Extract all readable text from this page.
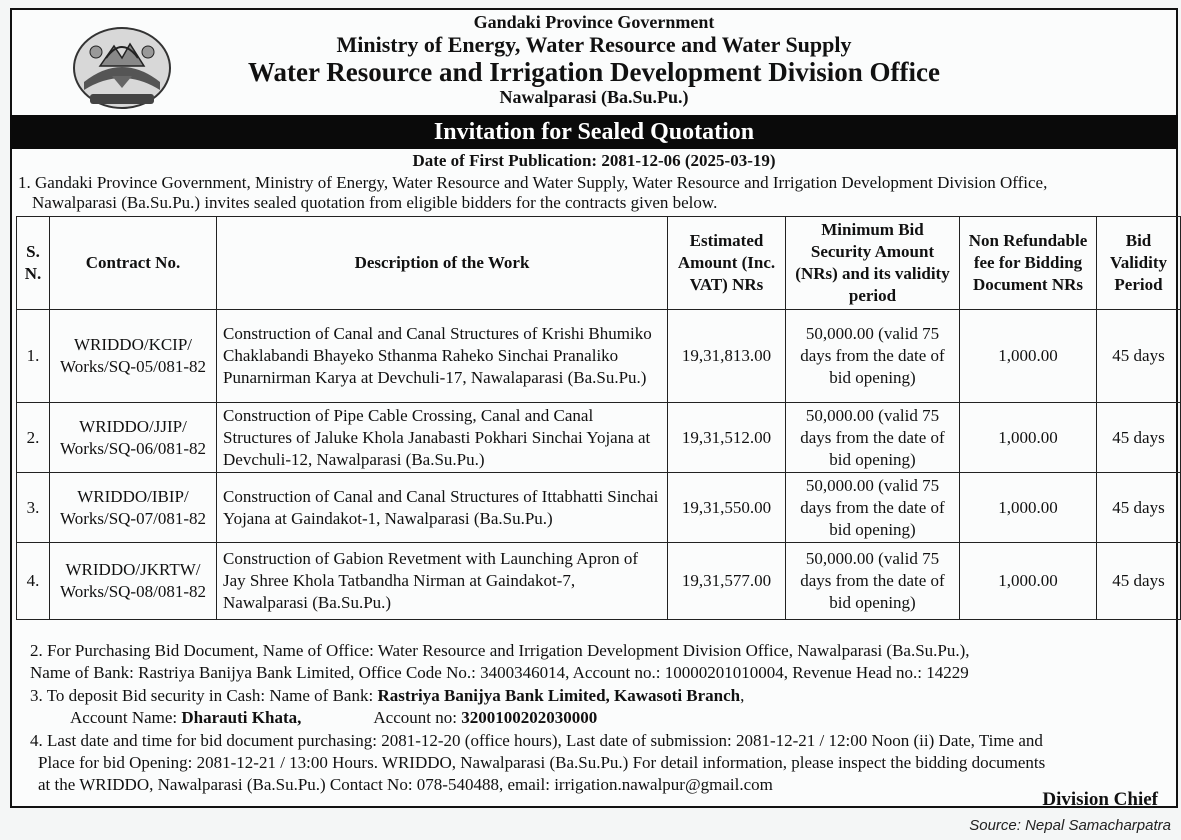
Gandaki Province Government
Ministry of Energy, Water Resource and Water Supply
Water Resource and Irrigation Development Division Office
Nawalparasi (Ba.Su.Pu.)
Invitation for Sealed Quotation
Date of First Publication: 2081-12-06 (2025-03-19)
1. Gandaki Province Government, Ministry of Energy, Water Resource and Water Supply, Water Resource and Irrigation Development Division Office,
Nawalparasi (Ba.Su.Pu.) invites sealed quotation from eligible bidders for the contracts given below.
S. N.	Contract No.	Description of the Work	Estimated Amount (Inc. VAT) NRs	Minimum Bid Security Amount (NRs) and its validity period	Non Refundable fee for Bidding Document NRs	Bid Validity Period
1.	WRIDDO/KCIP/ Works/SQ-05/081-82	Construction of Canal and Canal Structures of Krishi Bhumiko Chaklabandi Bhayeko Sthanma Raheko Sinchai Pranaliko Punarnirman Karya at Devchuli-17, Nawalaparasi (Ba.Su.Pu.)	19,31,813.00	50,000.00 (valid 75 days from the date of bid opening)	1,000.00	45 days
2.	WRIDDO/JJIP/ Works/SQ-06/081-82	Construction of Pipe Cable Crossing, Canal and Canal Structures of Jaluke Khola Janabasti Pokhari Sinchai Yojana at Devchuli-12, Nawalparasi (Ba.Su.Pu.)	19,31,512.00	50,000.00 (valid 75 days from the date of bid opening)	1,000.00	45 days
3.	WRIDDO/IBIP/ Works/SQ-07/081-82	Construction of Canal and Canal Structures of Ittabhatti Sinchai Yojana at Gaindakot-1, Nawalparasi (Ba.Su.Pu.)	19,31,550.00	50,000.00 (valid 75 days from the date of bid opening)	1,000.00	45 days
4.	WRIDDO/JKRTW/ Works/SQ-08/081-82	Construction of Gabion Revetment with Launching Apron of Jay Shree Khola Tatbandha Nirman at Gaindakot-7, Nawalparasi (Ba.Su.Pu.)	19,31,577.00	50,000.00 (valid 75 days from the date of bid opening)	1,000.00	45 days
2. For Purchasing Bid Document, Name of Office: Water Resource and Irrigation Development Division Office, Nawalparasi (Ba.Su.Pu.),
Name of Bank: Rastriya Banijya Bank Limited, Office Code No.: 3400346014, Account no.: 10000201010004, Revenue Head no.: 14229
3. To deposit Bid security in Cash: Name of Bank: Rastriya Banijya Bank Limited, Kawasoti Branch,
Account Name: Dharauti Khata,	Account no: 3200100202030000
4. Last date and time for bid document purchasing: 2081-12-20 (office hours), Last date of submission: 2081-12-21 / 12:00 Noon (ii) Date, Time and
Place for bid Opening: 2081-12-21 / 13:00 Hours. WRIDDO, Nawalparasi (Ba.Su.Pu.) For detail information, please inspect the bidding documents
at the WRIDDO, Nawalparasi (Ba.Su.Pu.) Contact No: 078-540488, email: irrigation.nawalpur@gmail.com
Division Chief
Source: Nepal Samacharpatra
